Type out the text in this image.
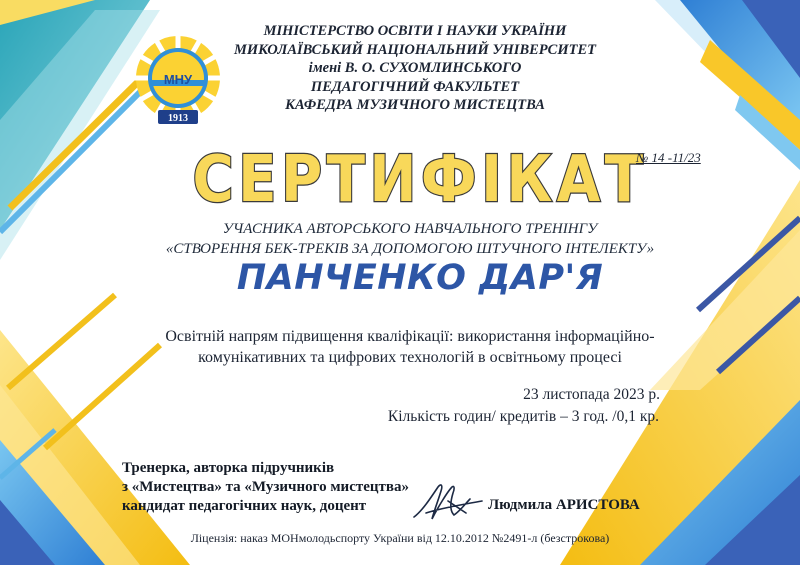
МНУ
1913
МІНІСТЕРСТВО ОСВІТИ І НАУКИ УКРАЇНИ
МИКОЛАЇВСЬКИЙ НАЦІОНАЛЬНИЙ УНІВЕРСИТЕТ
імені В. О. СУХОМЛИНСЬКОГО
ПЕДАГОГІЧНИЙ ФАКУЛЬТЕТ
КАФЕДРА МУЗИЧНОГО МИСТЕЦТВА
СЕРТИФІКАТ
№ 14 -11/23
УЧАСНИКА АВТОРСЬКОГО НАВЧАЛЬНОГО ТРЕНІНГУ
«СТВОРЕННЯ БЕК-ТРЕКІВ ЗА ДОПОМОГОЮ ШТУЧНОГО ІНТЕЛЕКТУ»
ПАНЧЕНКО ДАР'Я
Освітній напрям підвищення кваліфікації: використання інформаційно-
комунікативних та цифрових технологій в освітньому процесі
23 листопада 2023 р.
Кількість годин/ кредитів – 3 год. /0,1 кр.
Тренерка, авторка підручників
з «Мистецтва» та «Музичного мистецтва»
кандидат педагогічних наук, доцент	Людмила АРИСТОВА
Ліцензія: наказ МОНмолодьспорту України від 12.10.2012 №2491-л (безстрокова)
